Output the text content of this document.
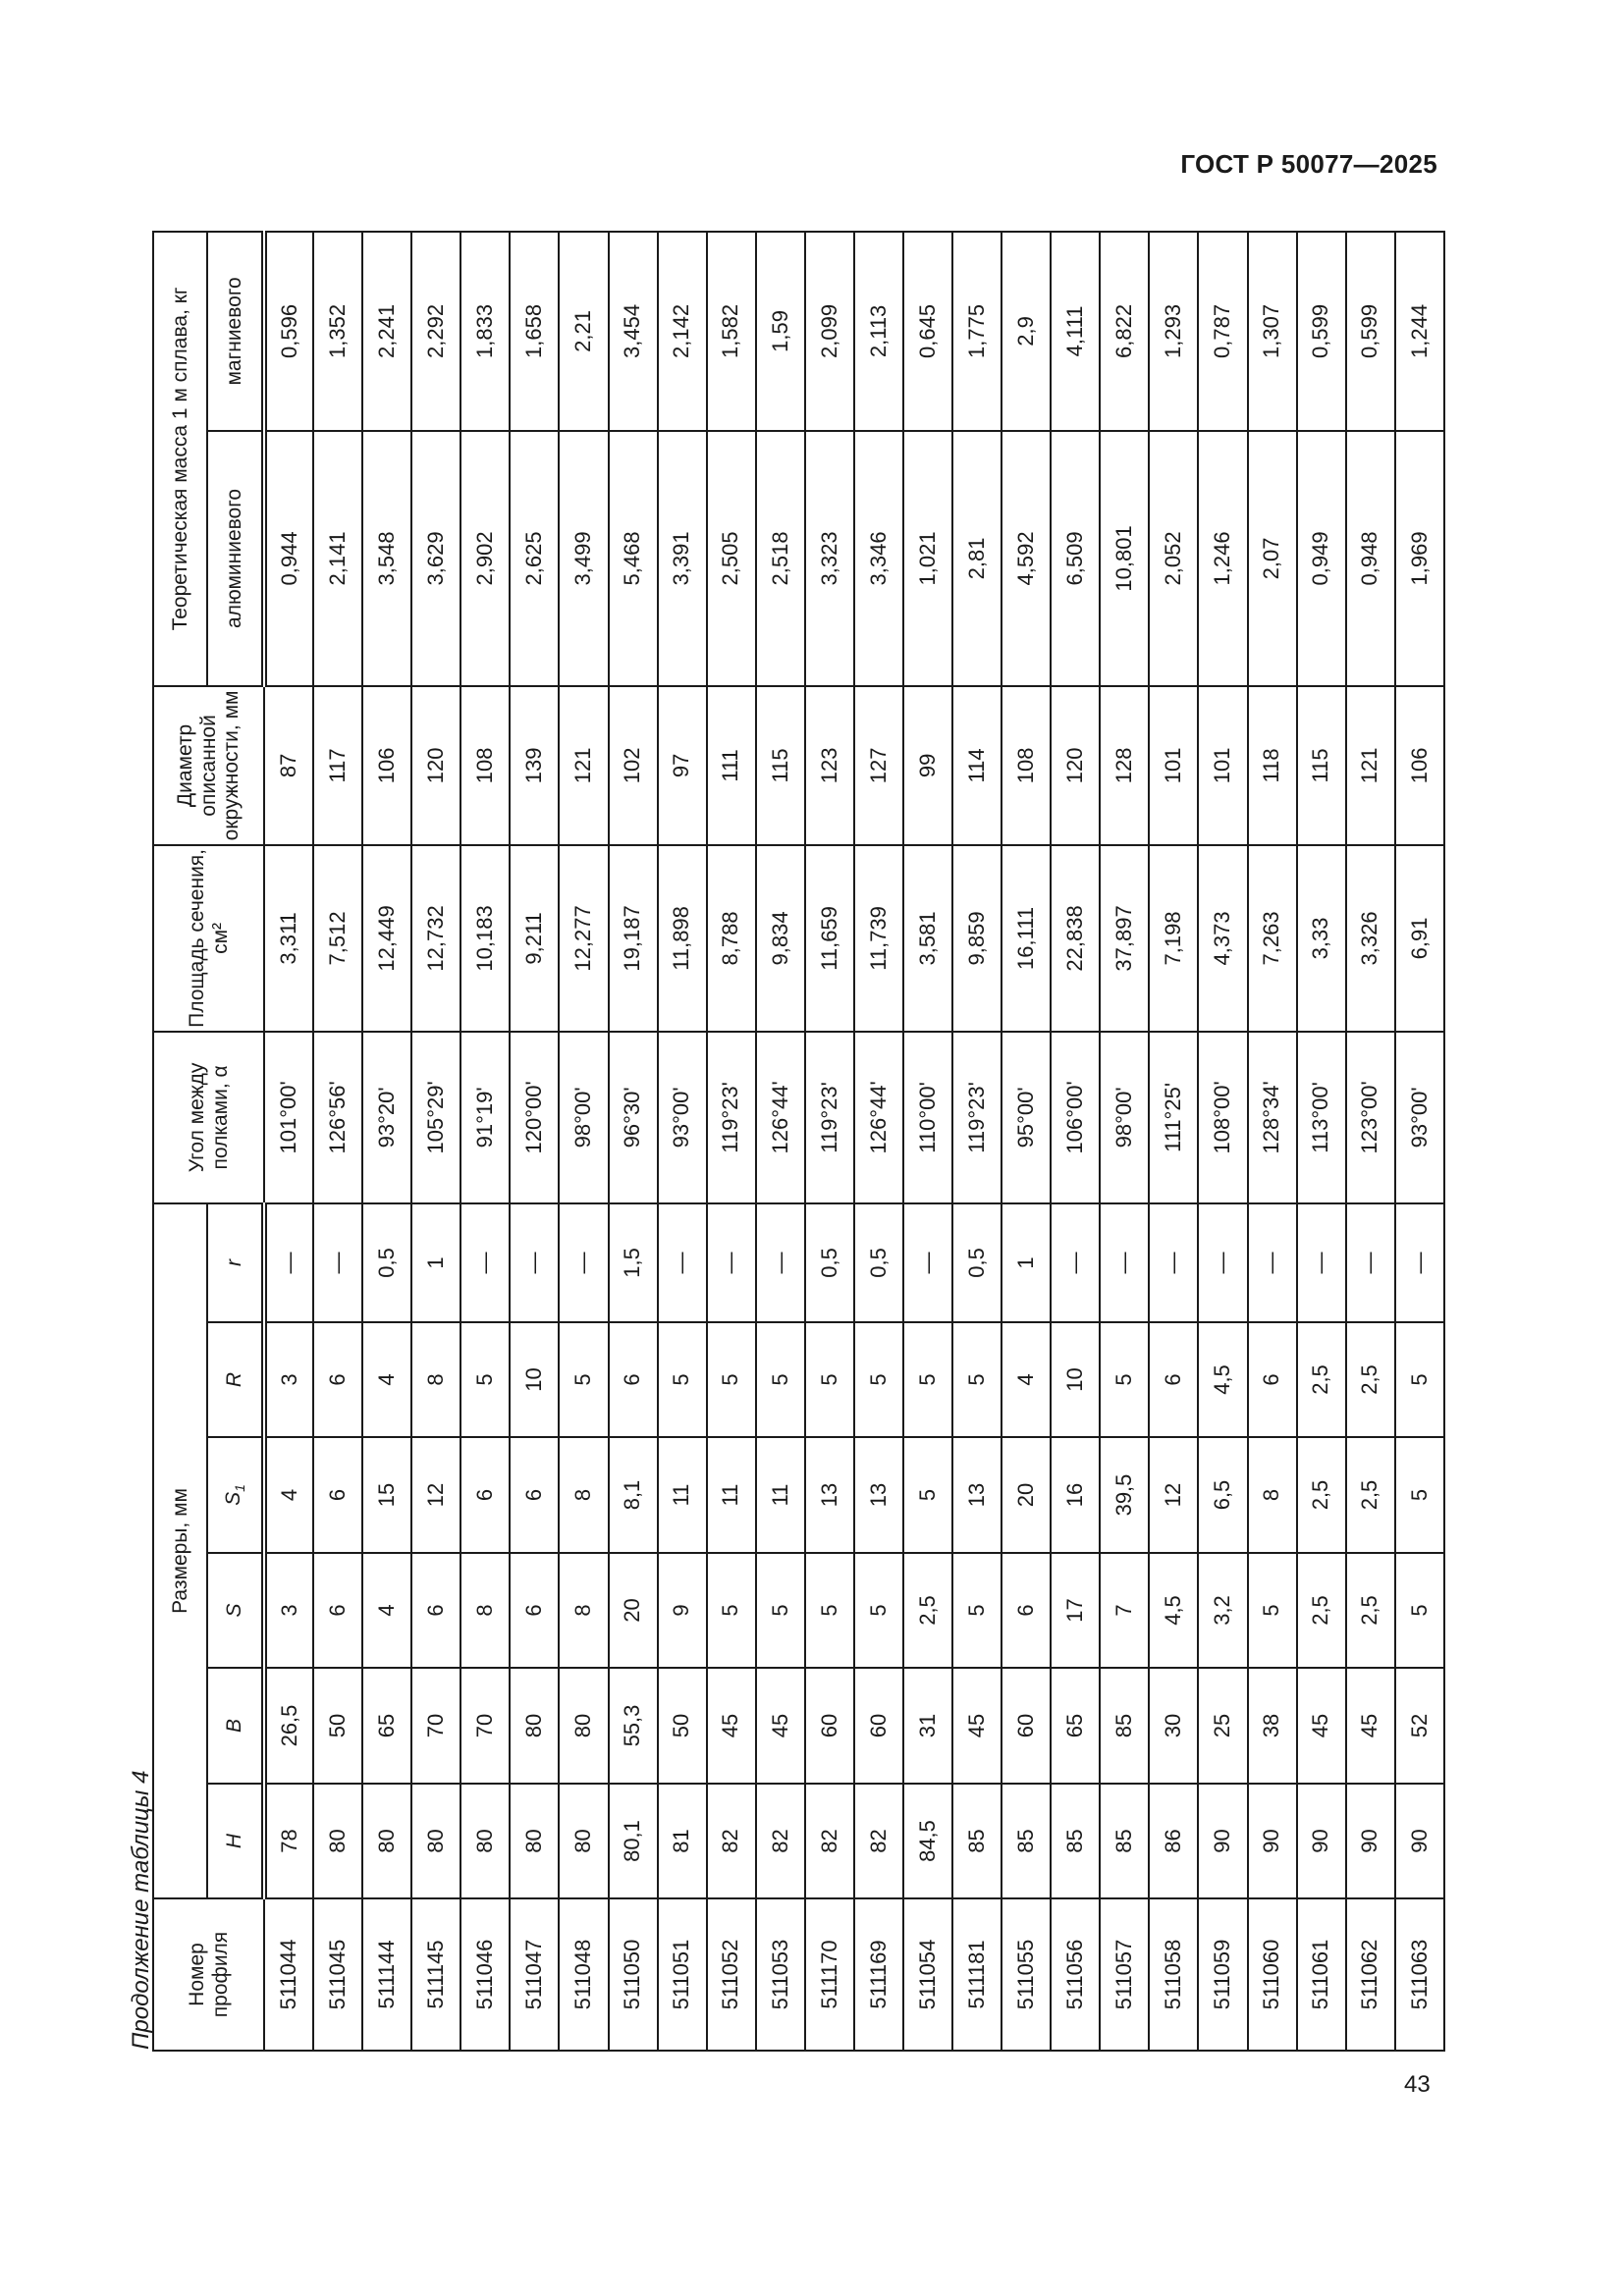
ГОСТ Р 50077—2025
Продолжение таблицы 4	Номер профиля	Размеры, мм						Угол между полками, α	Площадь сечения, см²	Диаметр описанной окружности, мм	Теоретическая масса 1 м сплава, кг	
	H	B	S	$S_1$	R	r				алюминиевого	магниевого
511044	78	26,5	3	4	3	—	101°00'	3,311	87	0,944	0,596
511045	80	50	6	6	6	—	126°56'	7,512	117	2,141	1,352
511144	80	65	4	15	4	0,5	93°20'	12,449	106	3,548	2,241
511145	80	70	6	12	8	1	105°29'	12,732	120	3,629	2,292
511046	80	70	8	6	5	—	91°19'	10,183	108	2,902	1,833
511047	80	80	6	6	10	—	120°00'	9,211	139	2,625	1,658
511048	80	80	8	8	5	—	98°00'	12,277	121	3,499	2,21
511050	80,1	55,3	20	8,1	6	1,5	96°30'	19,187	102	5,468	3,454
511051	81	50	9	11	5	—	93°00'	11,898	97	3,391	2,142
511052	82	45	5	11	5	—	119°23'	8,788	111	2,505	1,582
511053	82	45	5	11	5	—	126°44'	9,834	115	2,518	1,59
511170	82	60	5	13	5	0,5	119°23'	11,659	123	3,323	2,099
511169	82	60	5	13	5	0,5	126°44'	11,739	127	3,346	2,113
511054	84,5	31	2,5	5	5	—	110°00'	3,581	99	1,021	0,645
511181	85	45	5	13	5	0,5	119°23'	9,859	114	2,81	1,775
511055	85	60	6	20	4	1	95°00'	16,111	108	4,592	2,9
511056	85	65	17	16	10	—	106°00'	22,838	120	6,509	4,111
511057	85	85	7	39,5	5	—	98°00'	37,897	128	10,801	6,822
511058	86	30	4,5	12	6	—	111°25'	7,198	101	2,052	1,293
511059	90	25	3,2	6,5	4,5	—	108°00'	4,373	101	1,246	0,787
511060	90	38	5	8	6	—	128°34'	7,263	118	2,07	1,307
511061	90	45	2,5	2,5	2,5	—	113°00'	3,33	115	0,949	0,599
511062	90	45	2,5	2,5	2,5	—	123°00'	3,326	121	0,948	0,599
511063	90	52	5	5	5	—	93°00'	6,91	106	1,969	1,244
43
